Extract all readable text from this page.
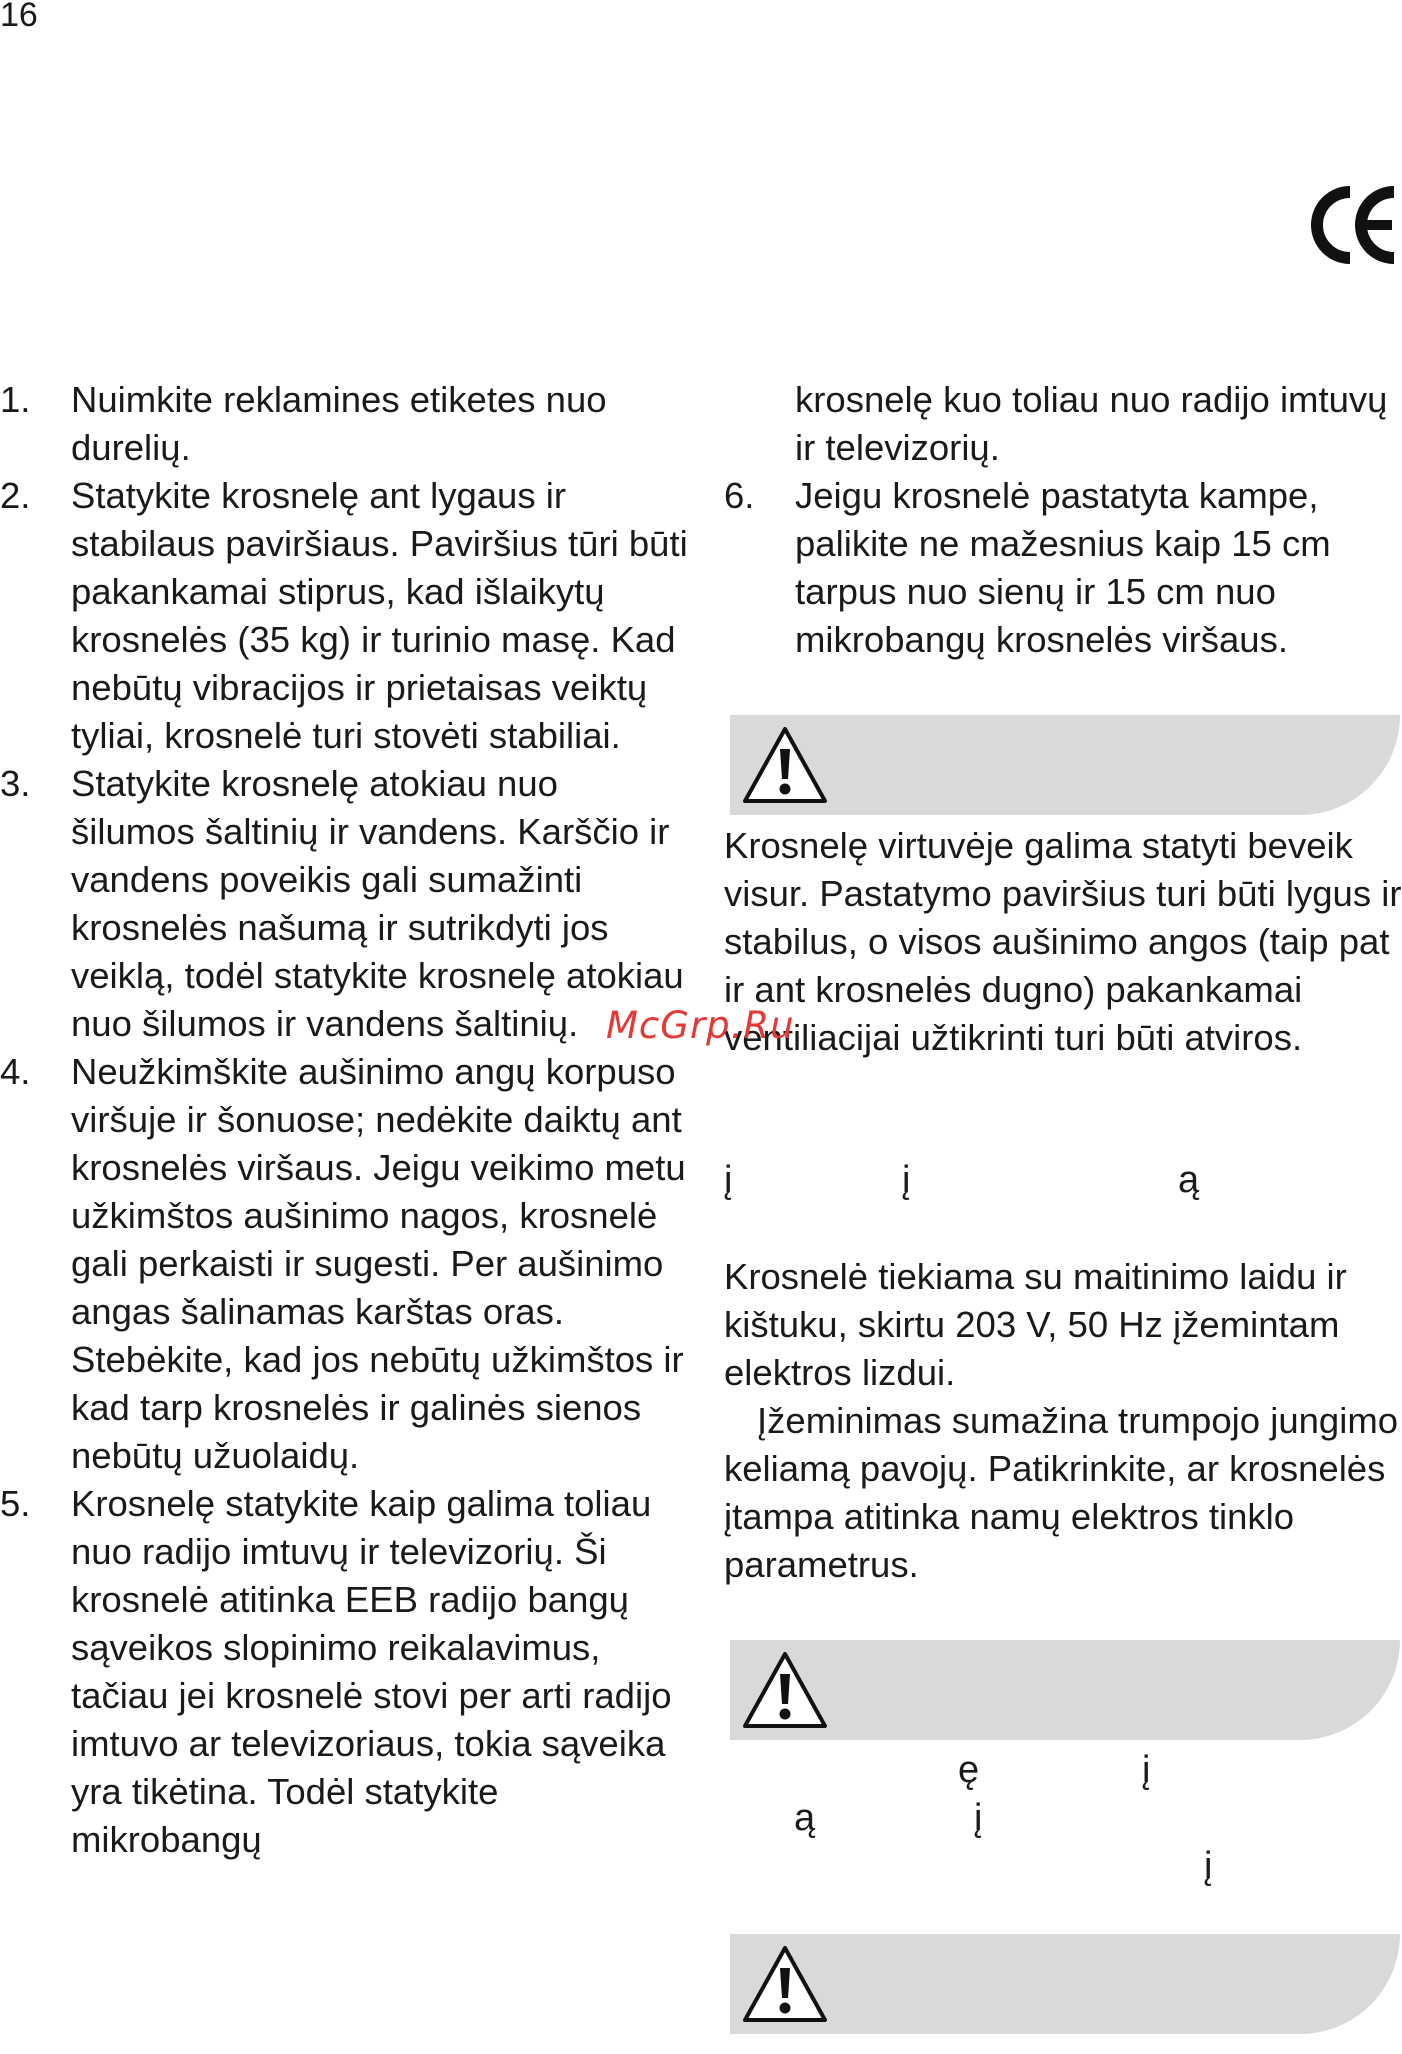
16
1. Nuimkite reklamines etiketes nuo durelių.
2. Statykite krosnelę ant lygaus ir stabilaus paviršiaus. Paviršius tūri būti pakankamai stiprus, kad išlaikytų krosnelės (35 kg) ir turinio masę. Kad nebūtų vibracijos ir prietaisas veiktų tyliai, krosnelė turi stovėti stabiliai.
3. Statykite krosnelę atokiau nuo šilumos šaltinių ir vandens. Karščio ir vandens poveikis gali sumažinti krosnelės našumą ir sutrikdyti jos veiklą, todėl statykite krosnelę atokiau nuo šilumos ir vandens šaltinių.
4. Neužkimškite aušinimo angų korpuso viršuje ir šonuose; nedėkite daiktų ant krosnelės viršaus. Jeigu veikimo metu užkimštos aušinimo nagos, krosnelė gali perkaisti ir sugesti. Per aušinimo angas šalinamas karštas oras. Stebėkite, kad jos nebūtų užkimštos ir kad tarp krosnelės ir galinės sienos nebūtų užuolaidų.
5. Krosnelę statykite kaip galima toliau nuo radijo imtuvų ir televizorių. Ši krosnelė atitinka EEB radijo bangų sąveikos slopinimo reikalavimus, tačiau jei krosnelė stovi per arti radijo imtuvo ar televizoriaus, tokia sąveika yra tikėtina. Todėl statykite mikrobangų
krosnelę kuo toliau nuo radijo imtuvų ir televizorių.
6. Jeigu krosnelė pastatyta kampe, palikite ne mažesnius kaip 15 cm tarpus nuo sienų ir 15 cm nuo mikrobangų krosnelės viršaus.
Krosnelę virtuvėje galima statyti beveik visur. Pastatymo paviršius turi būti lygus ir stabilus, o visos aušinimo angos (taip pat ir ant krosnelės dugno) pakankamai ventiliacijai užtikrinti turi būti atviros.
į	į	ą
Krosnelė tiekiama su maitinimo laidu ir kištuku, skirtu 203 V, 50 Hz įžemintam elektros lizdui.
Įžeminimas sumažina trumpojo jungimo keliamą pavojų. Patikrinkite, ar krosnelės įtampa atitinka namų elektros tinklo parametrus.
ę	į
ą	į
į
McGrp.Ru
